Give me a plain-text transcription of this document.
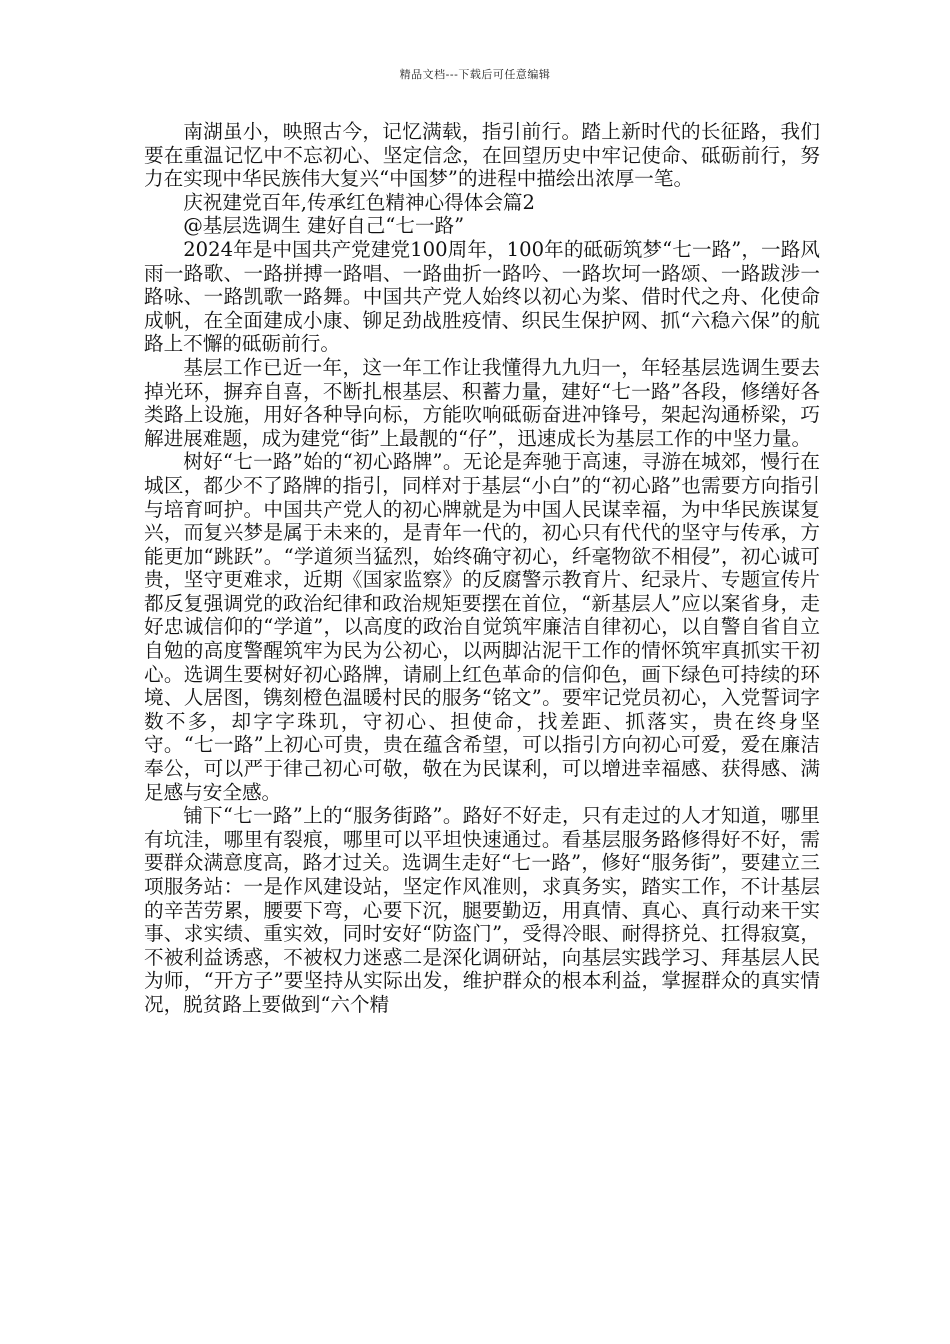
精品文档---下载后可任意编辑

南湖虽小，映照古今，记忆满载，指引前行。踏上新时代的长征路，我们要在重温记忆中不忘初心、坚定信念，在回望历史中牢记使命、砥砺前行，努力在实现中华民族伟大复兴“中国梦”的进程中描绘出浓厚一笔。

庆祝建党百年,传承红色精神心得体会篇2

@基层选调生 建好自己“七一路”

2024年是中国共产党建党100周年，100年的砥砺筑梦“七一路”，一路风雨一路歌、一路拼搏一路唱、一路曲折一路吟、一路坎坷一路颂、一路跋涉一路咏、一路凯歌一路舞。中国共产党人始终以初心为桨、借时代之舟、化使命成帆，在全面建成小康、铆足劲战胜疫情、织民生保护网、抓“六稳六保”的航路上不懈的砥砺前行。

基层工作已近一年，这一年工作让我懂得九九归一，年轻基层选调生要去掉光环，摒弃自喜，不断扎根基层、积蓄力量，建好“七一路”各段，修缮好各类路上设施，用好各种导向标，方能吹响砥砺奋进冲锋号，架起沟通桥梁，巧解进展难题，成为建党“街”上最靓的“仔”，迅速成长为基层工作的中坚力量。

树好“七一路”始的“初心路牌”。无论是奔驰于高速，寻游在城郊，慢行在城区，都少不了路牌的指引，同样对于基层“小白”的“初心路”也需要方向指引与培育呵护。中国共产党人的初心牌就是为中国人民谋幸福，为中华民族谋复兴，而复兴梦是属于未来的，是青年一代的，初心只有代代的坚守与传承，方能更加“跳跃”。“学道须当猛烈，始终确守初心，纤毫物欲不相侵”，初心诚可贵，坚守更难求，近期《国家监察》的反腐警示教育片、纪录片、专题宣传片都反复强调党的政治纪律和政治规矩要摆在首位，“新基层人”应以案省身，走好忠诚信仰的“学道”，以高度的政治自觉筑牢廉洁自律初心，以自警自省自立自勉的高度警醒筑牢为民为公初心，以两脚沾泥干工作的情怀筑牢真抓实干初心。选调生要树好初心路牌，请刷上红色革命的信仰色，画下绿色可持续的环境、人居图，镌刻橙色温暖村民的服务“铭文”。要牢记党员初心，入党誓词字数不多，却字字珠玑，守初心、担使命，找差距、抓落实，贵在终身坚守。“七一路”上初心可贵，贵在蕴含希望，可以指引方向初心可爱，爱在廉洁奉公，可以严于律己初心可敬，敬在为民谋利，可以增进幸福感、获得感、满足感与安全感。

铺下“七一路”上的“服务街路”。路好不好走，只有走过的人才知道，哪里有坑洼，哪里有裂痕，哪里可以平坦快速通过。看基层服务路修得好不好，需要群众满意度高，路才过关。选调生走好“七一路”，修好“服务街”，要建立三项服务站：一是作风建设站，坚定作风准则，求真务实，踏实工作，不计基层的辛苦劳累，腰要下弯，心要下沉，腿要勤迈，用真情、真心、真行动来干实事、求实绩、重实效，同时安好“防盗门”，受得冷眼、耐得挤兑、扛得寂寞，不被利益诱惑，不被权力迷惑二是深化调研站，向基层实践学习、拜基层人民为师，“开方子”要坚持从实际出发，维护群众的根本利益，掌握群众的真实情况，脱贫路上要做到“六个精
